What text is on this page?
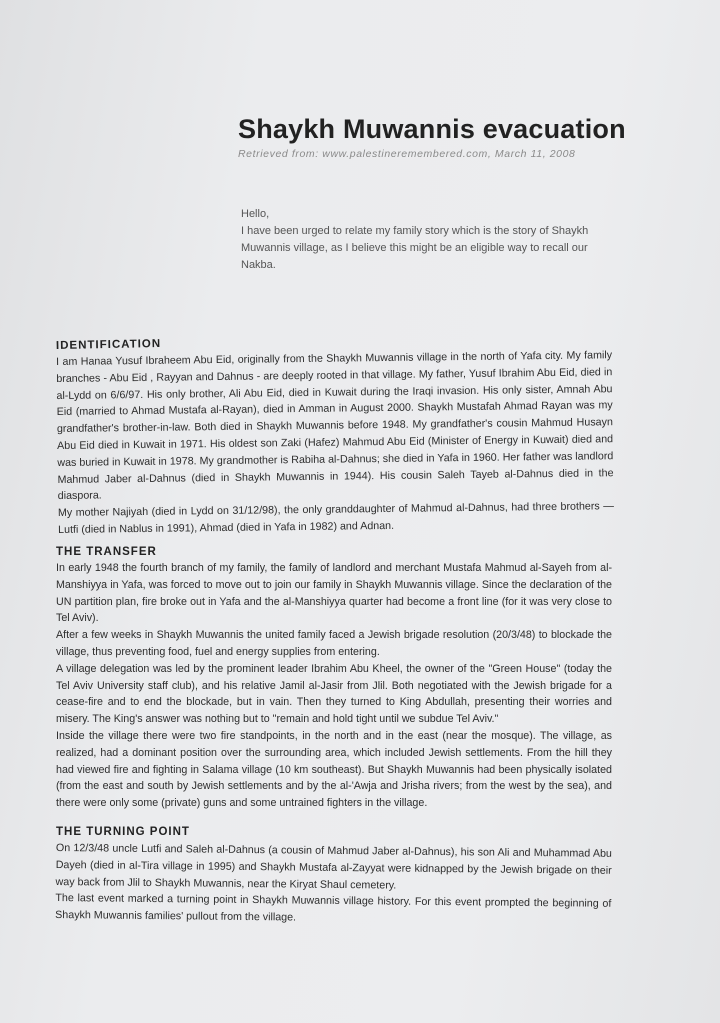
Shaykh Muwannis evacuation
Retrieved from: www.palestineremembered.com, March 11, 2008

Hello,

I have been urged to relate my family story which is the story of Shaykh Muwannis village, as I believe this might be an eligible way to recall our Nakba.

IDENTIFICATION

I am Hanaa Yusuf Ibraheem Abu Eid, originally from the Shaykh Muwannis village in the north of Yafa city. My family branches - Abu Eid , Rayyan and Dahnus - are deeply rooted in that village. My father, Yusuf Ibrahim Abu Eid, died in al-Lydd on 6/6/97. His only brother, Ali Abu Eid, died in Kuwait during the Iraqi invasion. His only sister, Amnah Abu Eid (married to Ahmad Mustafa al-Rayan), died in Amman in August 2000. Shaykh Mustafah Ahmad Rayan was my grandfather's brother-in-law. Both died in Shaykh Muwannis before 1948. My grandfather's cousin Mahmud Husayn Abu Eid died in Kuwait in 1971. His oldest son Zaki (Hafez) Mahmud Abu Eid (Minister of Energy in Kuwait) died and was buried in Kuwait in 1978. My grandmother is Rabiha al-Dahnus; she died in Yafa in 1960. Her father was landlord Mahmud Jaber al-Dahnus (died in Shaykh Muwannis in 1944). His cousin Saleh Tayeb al-Dahnus died in the diaspora.

My mother Najiyah (died in Lydd on 31/12/98), the only granddaughter of Mahmud al-Dahnus, had three brothers — Lutfi (died in Nablus in 1991), Ahmad (died in Yafa in 1982) and Adnan.

THE TRANSFER

In early 1948 the fourth branch of my family, the family of landlord and merchant Mustafa Mahmud al-Sayeh from al-Manshiyya in Yafa, was forced to move out to join our family in Shaykh Muwannis village. Since the declaration of the UN partition plan, fire broke out in Yafa and the al-Manshiyya quarter had become a front line (for it was very close to Tel Aviv).

After a few weeks in Shaykh Muwannis the united family faced a Jewish brigade resolution (20/3/48) to blockade the village, thus preventing food, fuel and energy supplies from entering.

A village delegation was led by the prominent leader Ibrahim Abu Kheel, the owner of the "Green House" (today the Tel Aviv University staff club), and his relative Jamil al-Jasir from Jlil. Both negotiated with the Jewish brigade for a cease-fire and to end the blockade, but in vain. Then they turned to King Abdullah, presenting their worries and misery. The King's answer was nothing but to "remain and hold tight until we subdue Tel Aviv."

Inside the village there were two fire standpoints, in the north and in the east (near the mosque). The village, as realized, had a dominant position over the surrounding area, which included Jewish settlements. From the hill they had viewed fire and fighting in Salama village (10 km southeast). But Shaykh Muwannis had been physically isolated (from the east and south by Jewish settlements and by the al-'Awja and Jrisha rivers; from the west by the sea), and there were only some (private) guns and some untrained fighters in the village.

THE TURNING POINT

On 12/3/48 uncle Lutfi and Saleh al-Dahnus (a cousin of Mahmud Jaber al-Dahnus), his son Ali and Muhammad Abu Dayeh (died in al-Tira village in 1995) and Shaykh Mustafa al-Zayyat were kidnapped by the Jewish brigade on their way back from Jlil to Shaykh Muwannis, near the Kiryat Shaul cemetery.

The last event marked a turning point in Shaykh Muwannis village history. For this event prompted the beginning of Shaykh Muwannis families' pullout from the village.
